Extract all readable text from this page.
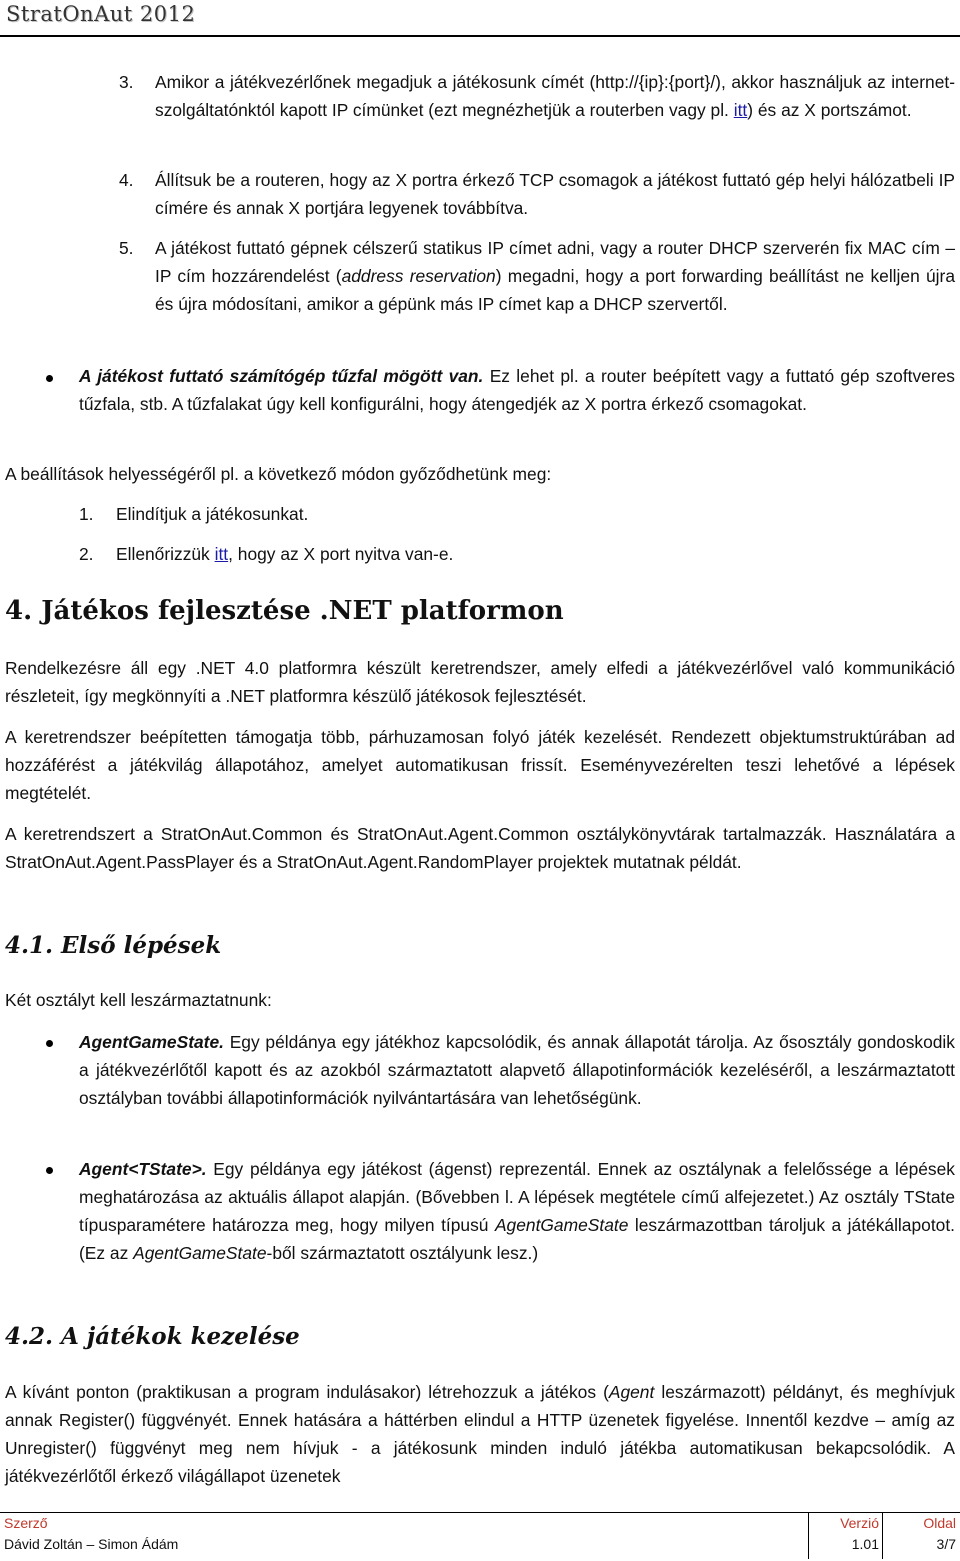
StratOnAut 2012
3. Amikor a játékvezérlőnek megadjuk a játékosunk címét (http://{ip}:{port}/), akkor használjuk az internet-szolgáltatónktól kapott IP címünket (ezt megnézhetjük a routerben vagy pl. itt) és az X portszámot.

4. Állítsuk be a routeren, hogy az X portra érkező TCP csomagok a játékost futtató gép helyi hálózatbeli IP címére és annak X portjára legyenek továbbítva.

5. A játékost futtató gépnek célszerű statikus IP címet adni, vagy a router DHCP szerverén fix MAC cím – IP cím hozzárendelést (address reservation) megadni, hogy a port forwarding beállítást ne kelljen újra és újra módosítani, amikor a gépünk más IP címet kap a DHCP szervertől.

A játékost futtató számítógép tűzfal mögött van. Ez lehet pl. a router beépített vagy a futtató gép szoftveres tűzfala, stb. A tűzfalakat úgy kell konfigurálni, hogy átengedjék az X portra érkező csomagokat.

A beállítások helyességéről pl. a következő módon győződhetünk meg:

1. Elindítjuk a játékosunkat.

2. Ellenőrizzük itt, hogy az X port nyitva van-e.

4. Játékos fejlesztése .NET platformon

Rendelkezésre áll egy .NET 4.0 platformra készült keretrendszer, amely elfedi a játékvezérlővel való kommunikáció részleteit, így megkönnyíti a .NET platformra készülő játékosok fejlesztését.

A keretrendszer beépítetten támogatja több, párhuzamosan folyó játék kezelését. Rendezett objektumstruktúrában ad hozzáférést a játékvilág állapotához, amelyet automatikusan frissít. Eseményvezérelten teszi lehetővé a lépések megtételét.

A keretrendszert a StratOnAut.Common és StratOnAut.Agent.Common osztálykönyvtárak tartalmazzák. Használatára a StratOnAut.Agent.PassPlayer és a StratOnAut.Agent.RandomPlayer projektek mutatnak példát.

4.1. Első lépések

Két osztályt kell leszármaztatnunk:

AgentGameState. Egy példánya egy játékhoz kapcsolódik, és annak állapotát tárolja. Az ősosztály gondoskodik a játékvezérlőtől kapott és az azokból származtatott alapvető állapotinformációk kezeléséről, a leszármaztatott osztályban további állapotinformációk nyilvántartására van lehetőségünk.

Agent<TState>. Egy példánya egy játékost (ágenst) reprezentál. Ennek az osztálynak a felelőssége a lépések meghatározása az aktuális állapot alapján. (Bővebben l. A lépések megtétele című alfejezetet.) Az osztály TState típusparamétere határozza meg, hogy milyen típusú AgentGameState leszármazottban tároljuk a játékállapotot. (Ez az AgentGameState-ből származtatott osztályunk lesz.)

4.2. A játékok kezelése

A kívánt ponton (praktikusan a program indulásakor) létrehozzuk a játékos (Agent leszármazott) példányt, és meghívjuk annak Register() függvényét. Ennek hatására a háttérben elindul a HTTP üzenetek figyelése. Innentől kezdve – amíg az Unregister() függvényt meg nem hívjuk - a játékosunk minden induló játékba automatikusan bekapcsolódik. A játékvezérlőtől érkező világállapot üzenetek

Szerző
Dávid Zoltán – Simon Ádám
Verzió
1.01
Oldal
3/7
